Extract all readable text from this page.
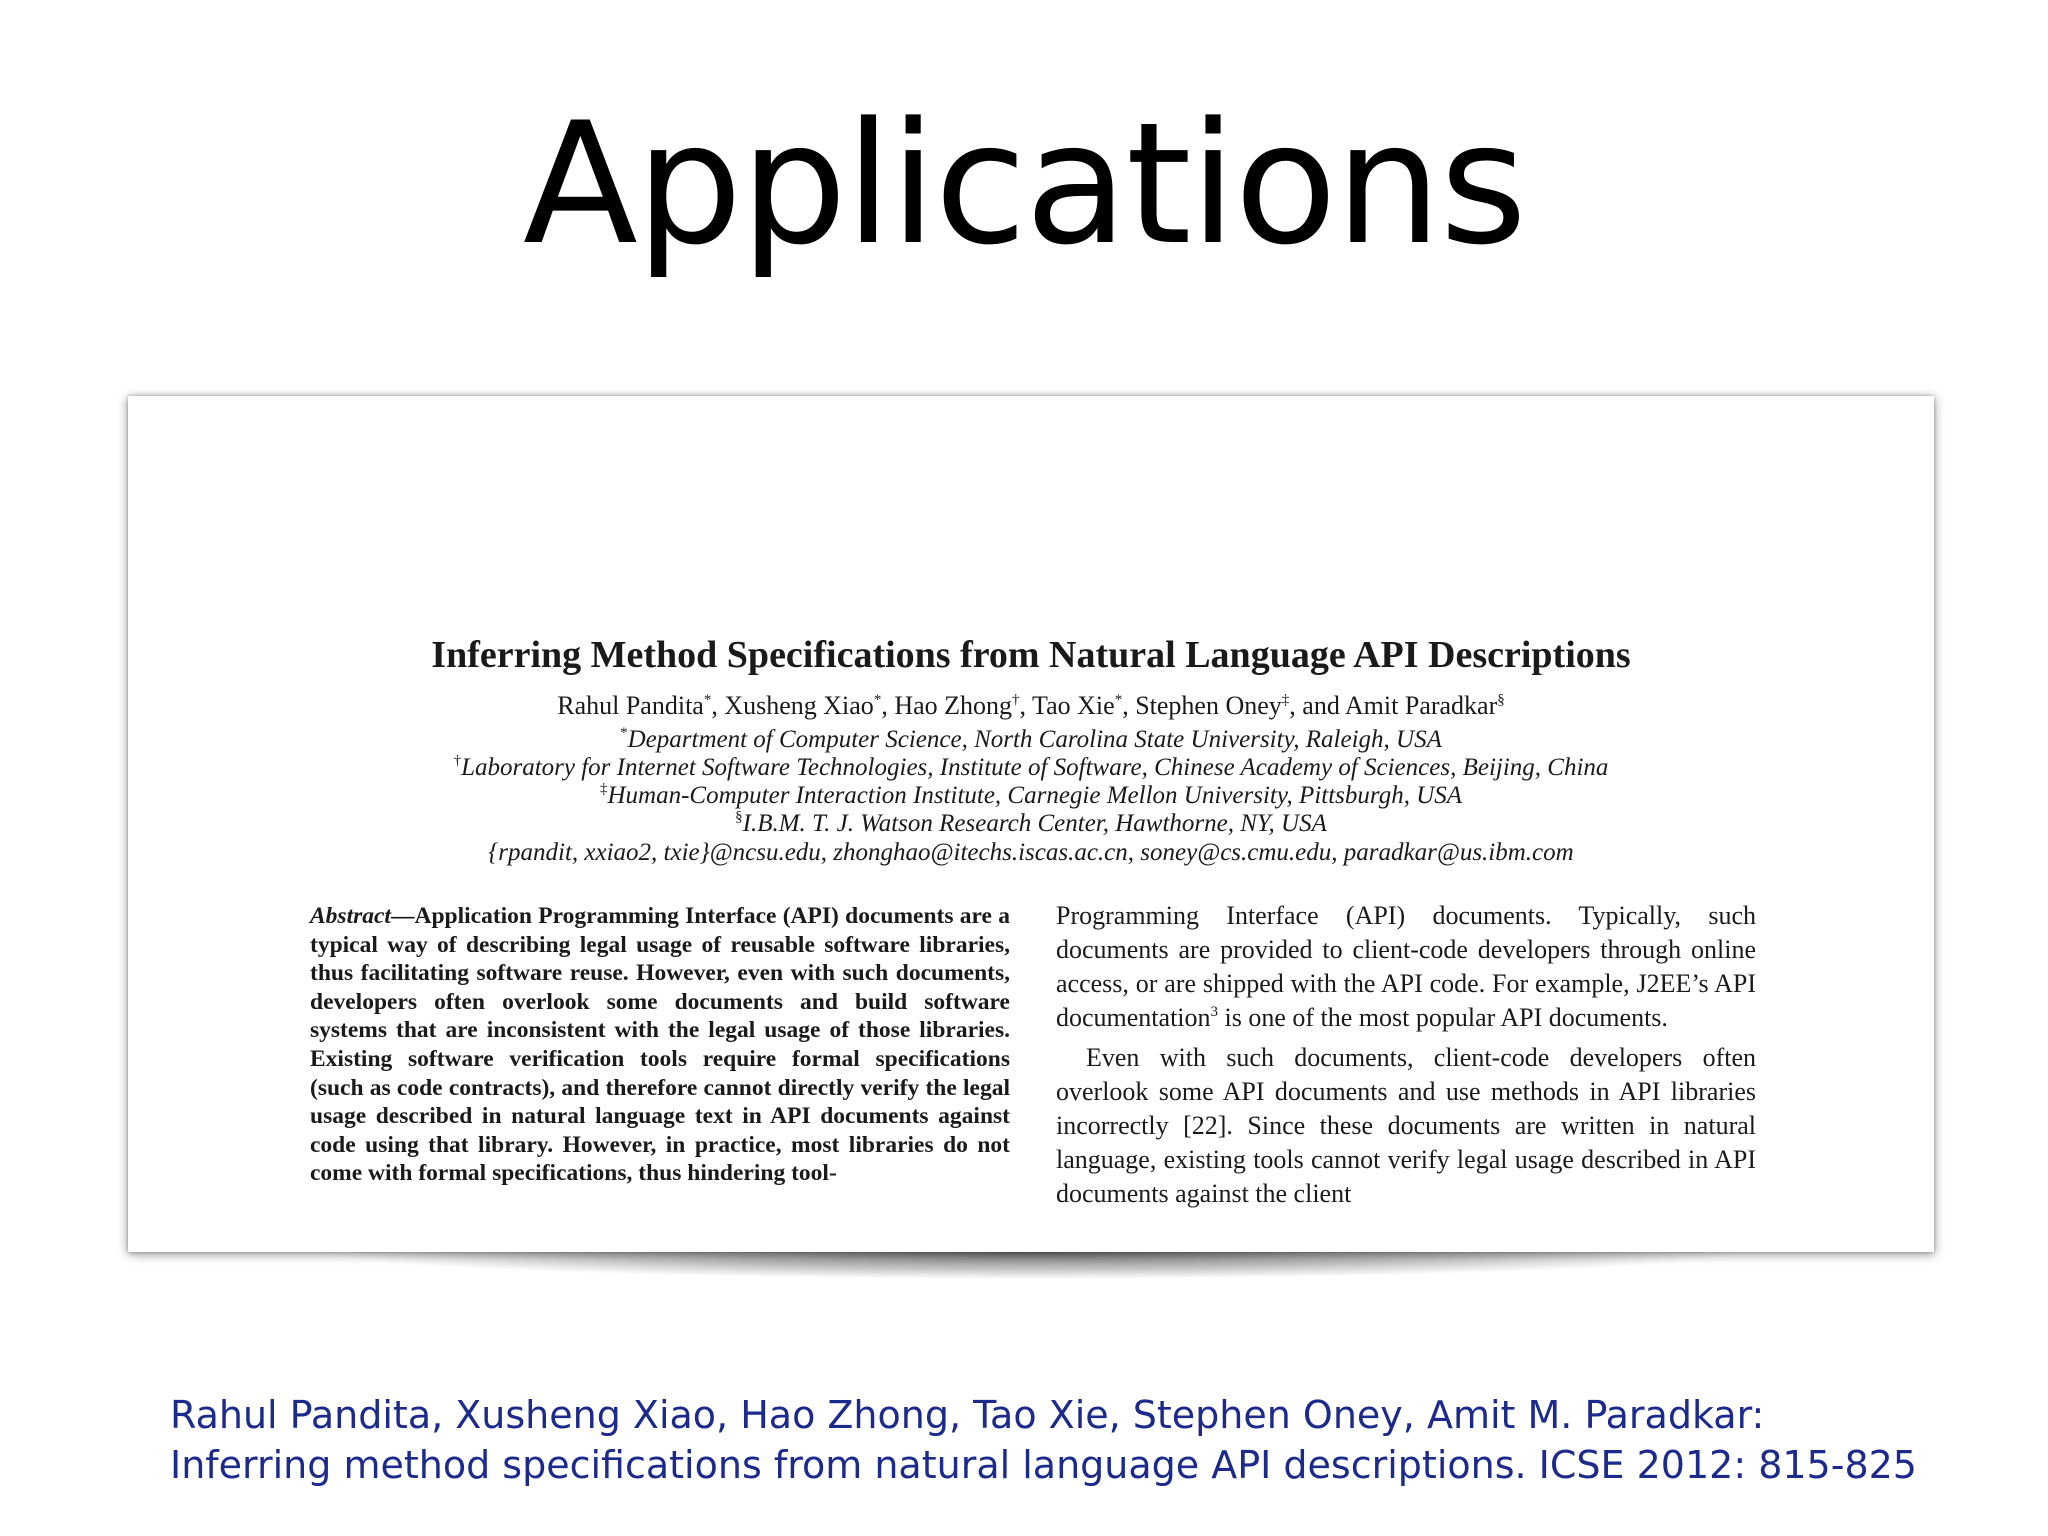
Applications
Inferring Method Specifications from Natural Language API Descriptions
Rahul Pandita*, Xusheng Xiao*, Hao Zhong†, Tao Xie*, Stephen Oney‡, and Amit Paradkar§
*Department of Computer Science, North Carolina State University, Raleigh, USA
†Laboratory for Internet Software Technologies, Institute of Software, Chinese Academy of Sciences, Beijing, China
‡Human-Computer Interaction Institute, Carnegie Mellon University, Pittsburgh, USA
§I.B.M. T. J. Watson Research Center, Hawthorne, NY, USA
{rpandit, xxiao2, txie}@ncsu.edu, zhonghao@itechs.iscas.ac.cn, soney@cs.cmu.edu, paradkar@us.ibm.com
Abstract—Application Programming Interface (API) documents are a typical way of describing legal usage of reusable software libraries, thus facilitating software reuse. However, even with such documents, developers often overlook some documents and build software systems that are inconsistent with the legal usage of those libraries. Existing software verification tools require formal specifications (such as code contracts), and therefore cannot directly verify the legal usage described in natural language text in API documents against code using that library. However, in practice, most libraries do not come with formal specifications, thus hindering tool-

Programming Interface (API) documents. Typically, such documents are provided to client-code developers through online access, or are shipped with the API code. For example, J2EE’s API documentation$^3$ is one of the most popular API documents.

Even with such documents, client-code developers often overlook some API documents and use methods in API libraries incorrectly [22]. Since these documents are written in natural language, existing tools cannot verify legal usage described in API documents against the client

Rahul Pandita, Xusheng Xiao, Hao Zhong, Tao Xie, Stephen Oney, Amit M. Paradkar:
Inferring method specifications from natural language API descriptions. ICSE 2012: 815-825
